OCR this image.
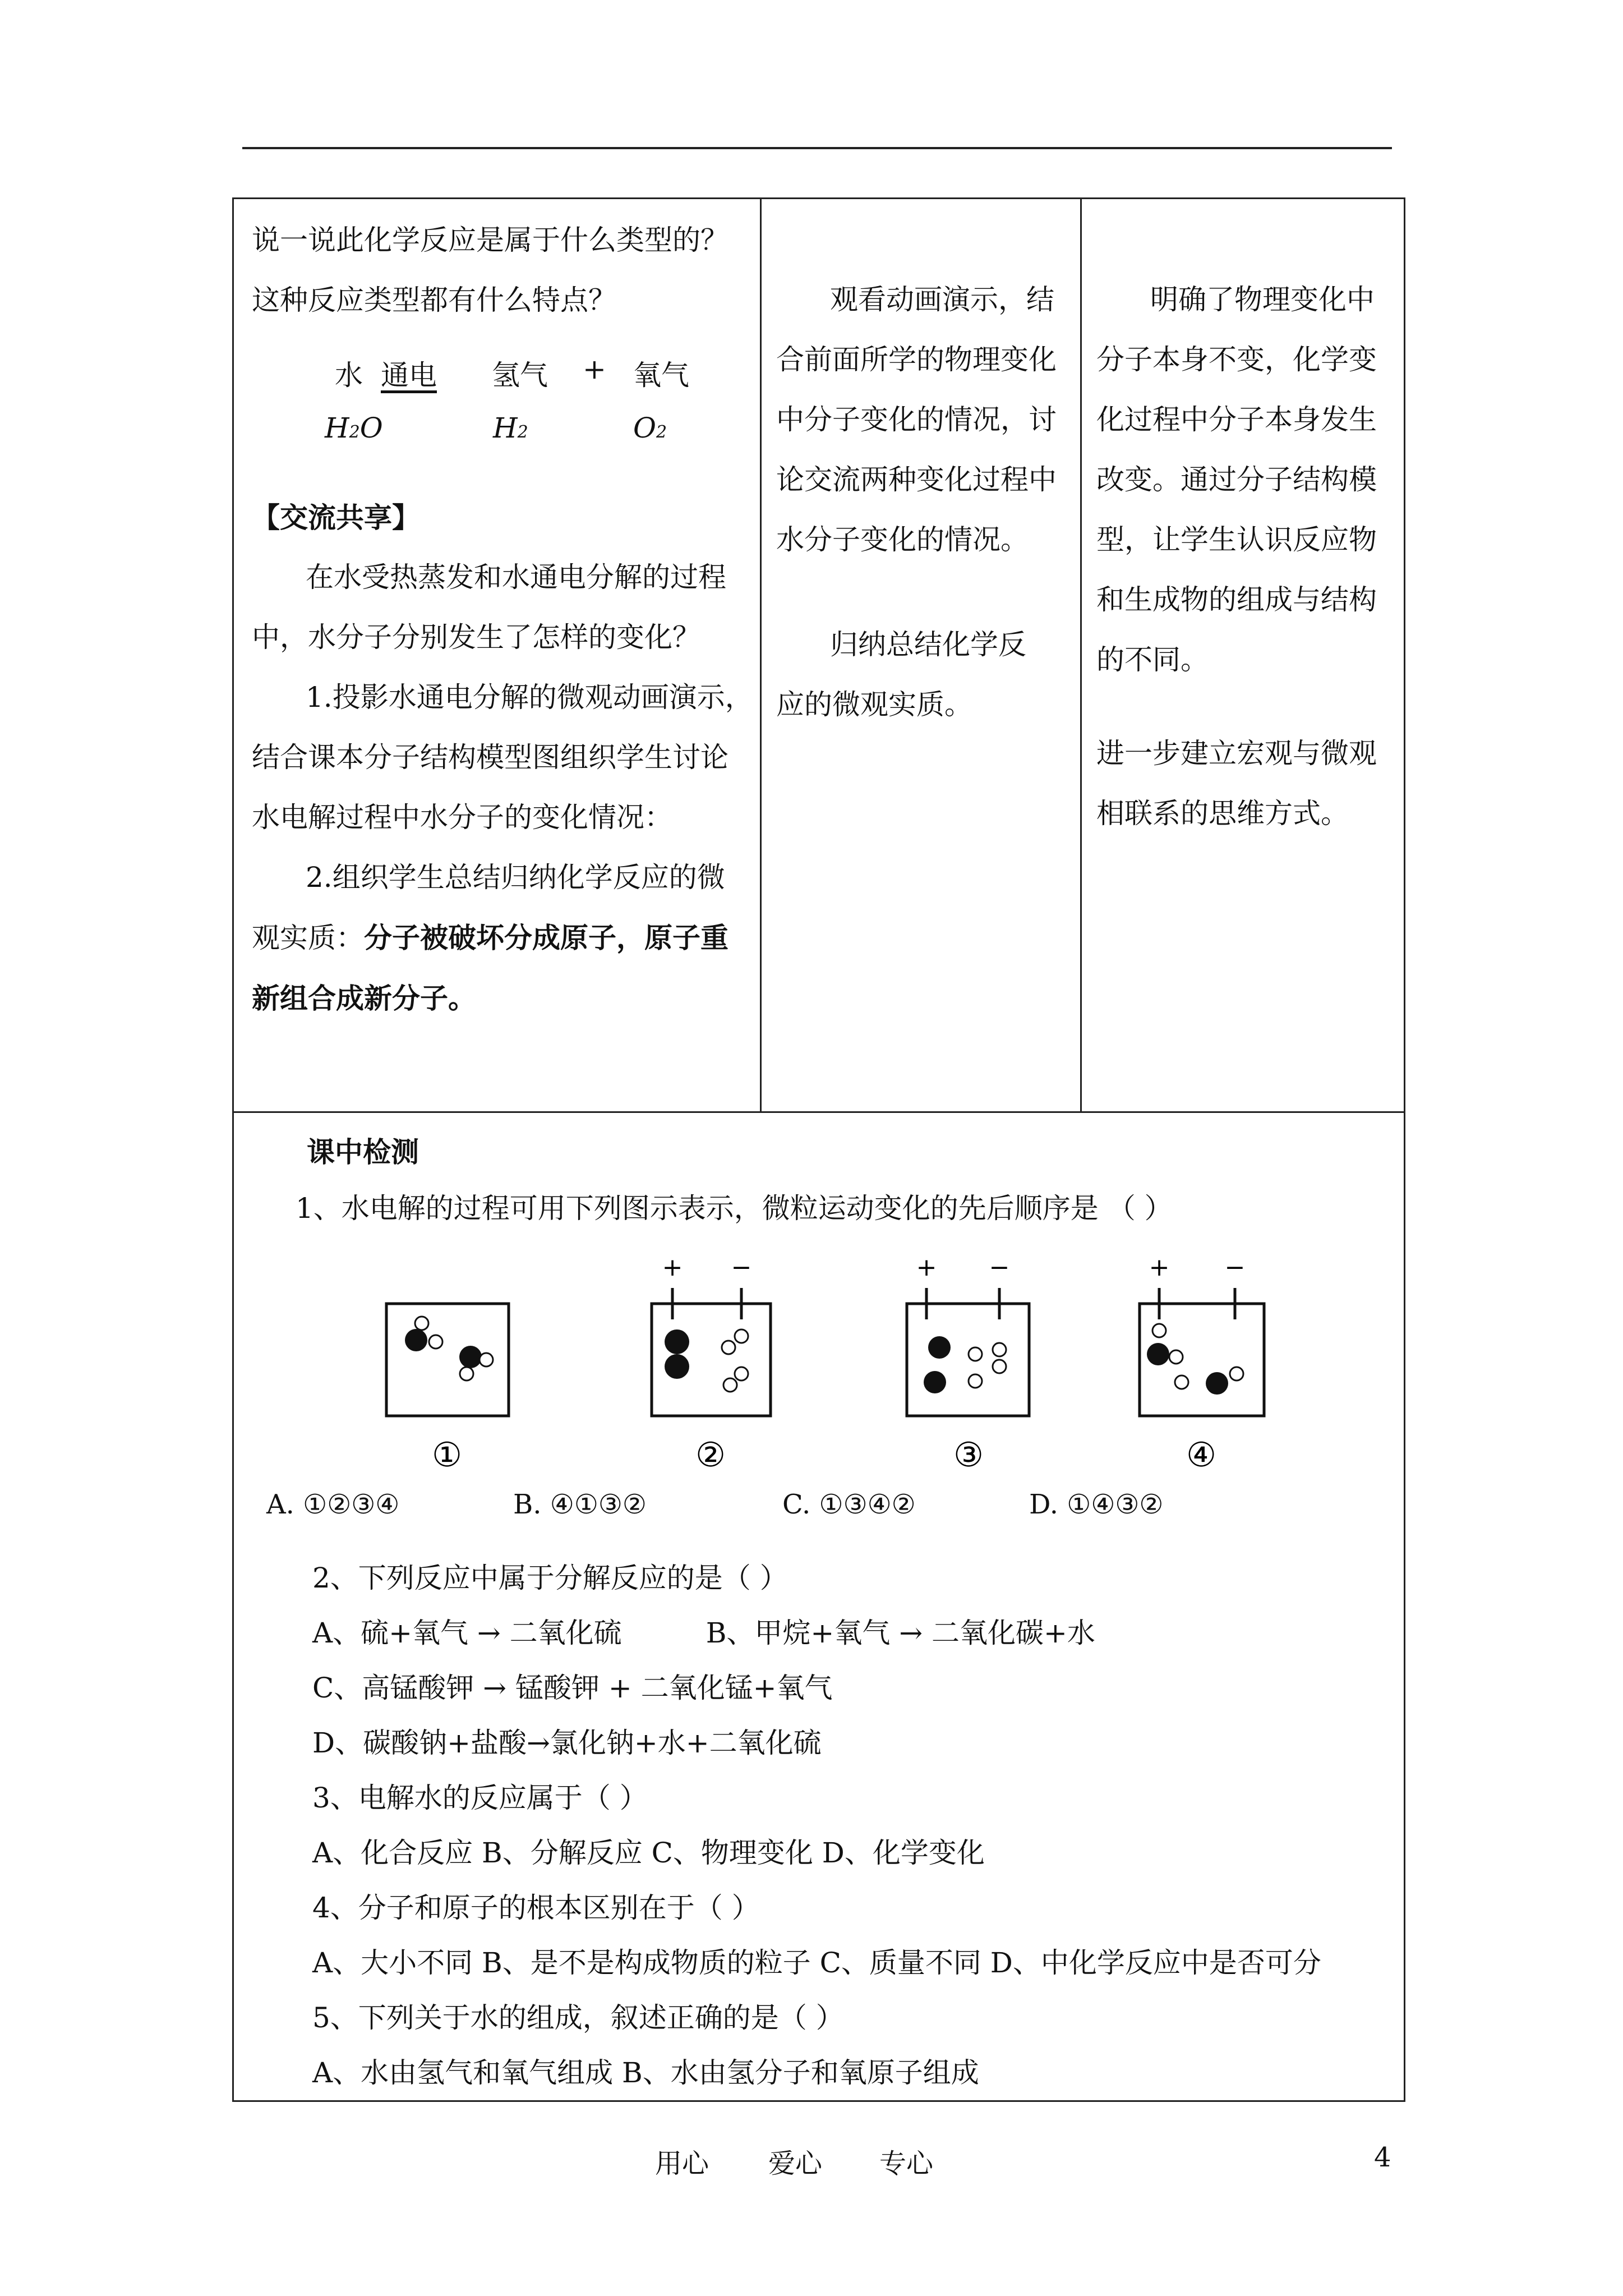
说一说此化学反应是属于什么类型的？
这种反应类型都有什么特点？
水 通电	氢气 + 氧气
H2O	H2	O2
【交流共享】
在水受热蒸发和水通电分解的过程
中，水分子分别发生了怎样的变化？
1.投影水通电分解的微观动画演示，
结合课本分子结构模型图组织学生讨论
水电解过程中水分子的变化情况：
2.组织学生总结归纳化学反应的微
观实质：分子被破坏分成原子，原子重
新组合成新分子。

观看动画演示，结
合前面所学的物理变化
中分子变化的情况，讨
论交流两种变化过程中
水分子变化的情况。
归纳总结化学反
应的微观实质。

明确了物理变化中
分子本身不变，化学变
化过程中分子本身发生
改变。通过分子结构模
型，让学生认识反应物
和生成物的组成与结构
的不同。
进一步建立宏观与微观
相联系的思维方式。

课中检测
1、水电解的过程可用下列图示表示，微粒运动变化的先后顺序是 （ ）
①
+ −
②
+ −
③
+ −
④
A. ①②③④	B. ④①③②	C. ①③④②	D. ①④③②
2、下列反应中属于分解反应的是（ ）
A、硫+氧气 → 二氧化硫	B、甲烷+氧气 → 二氧化碳+水
C、高锰酸钾 → 锰酸钾 + 二氧化锰+氧气
D、碳酸钠+盐酸→氯化钠+水+二氧化硫
3、电解水的反应属于（ ）
A、化合反应 B、分解反应 C、物理变化 D、化学变化
4、分子和原子的根本区别在于（ ）
A、大小不同 B、是不是构成物质的粒子 C、质量不同 D、中化学反应中是否可分
5、下列关于水的组成，叙述正确的是（ ）
A、水由氢气和氧气组成 B、水由氢分子和氧原子组成
用心 爱心 专心	4
